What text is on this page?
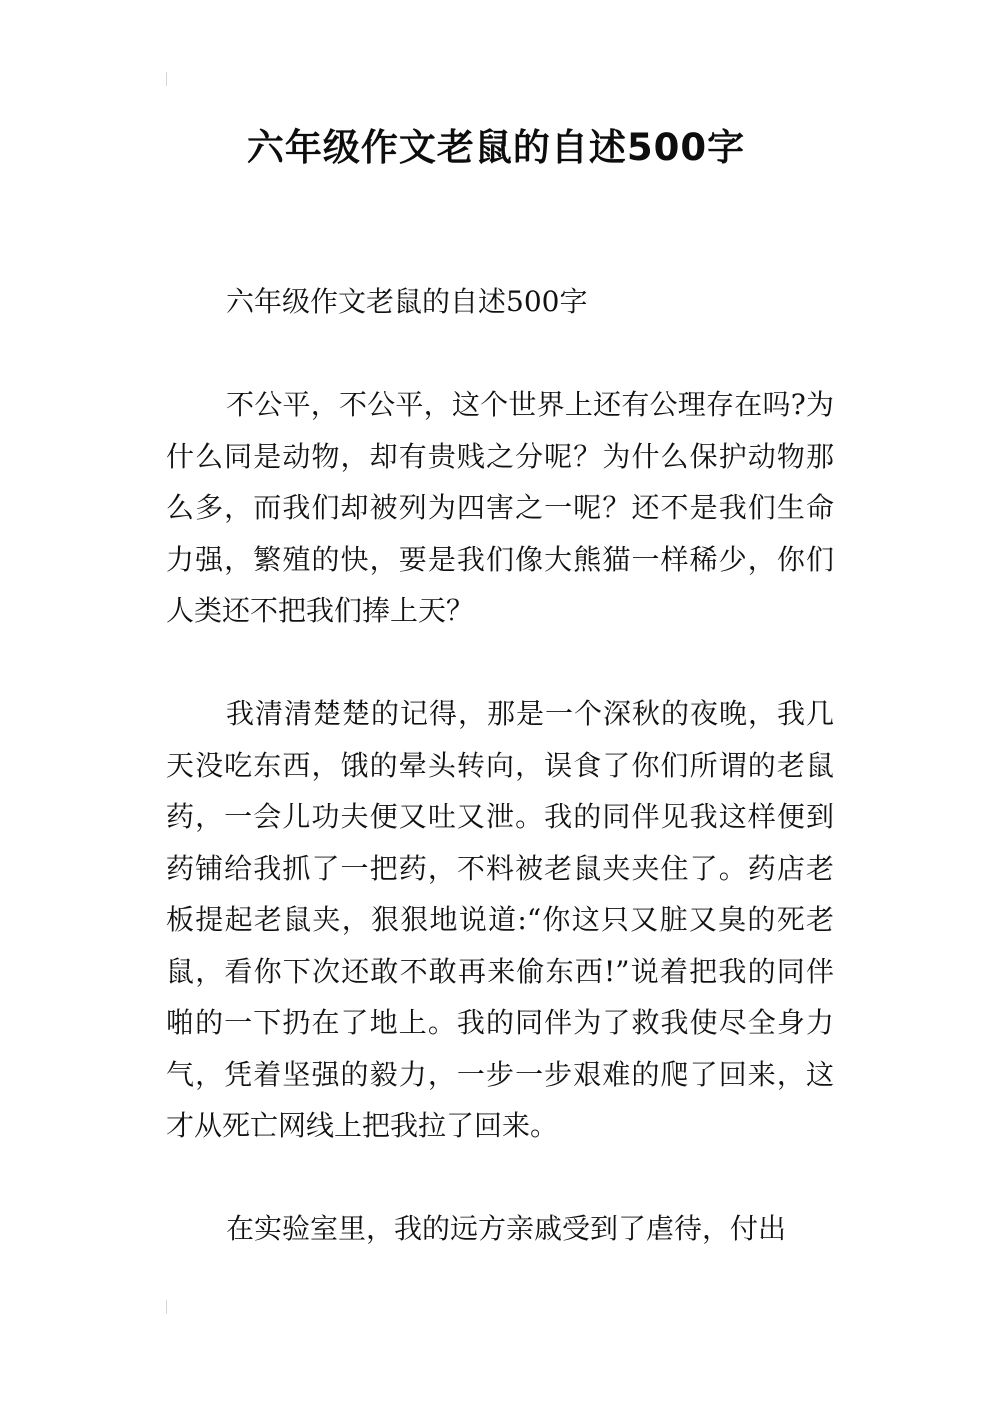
六年级作文老鼠的自述500字

六年级作文老鼠的自述500字

不公平，不公平，这个世界上还有公理存在吗?为什么同是动物，却有贵贱之分呢？为什么保护动物那么多，而我们却被列为四害之一呢？还不是我们生命力强，繁殖的快，要是我们像大熊猫一样稀少，你们人类还不把我们捧上天？

我清清楚楚的记得，那是一个深秋的夜晚，我几天没吃东西，饿的晕头转向，误食了你们所谓的老鼠药，一会儿功夫便又吐又泄。我的同伴见我这样便到药铺给我抓了一把药，不料被老鼠夹夹住了。药店老板提起老鼠夹，狠狠地说道:“你这只又脏又臭的死老鼠，看你下次还敢不敢再来偷东西!”说着把我的同伴啪的一下扔在了地上。我的同伴为了救我使尽全身力气，凭着坚强的毅力，一步一步艰难的爬了回来，这才从死亡网线上把我拉了回来。

在实验室里，我的远方亲戚受到了虐待，付出
